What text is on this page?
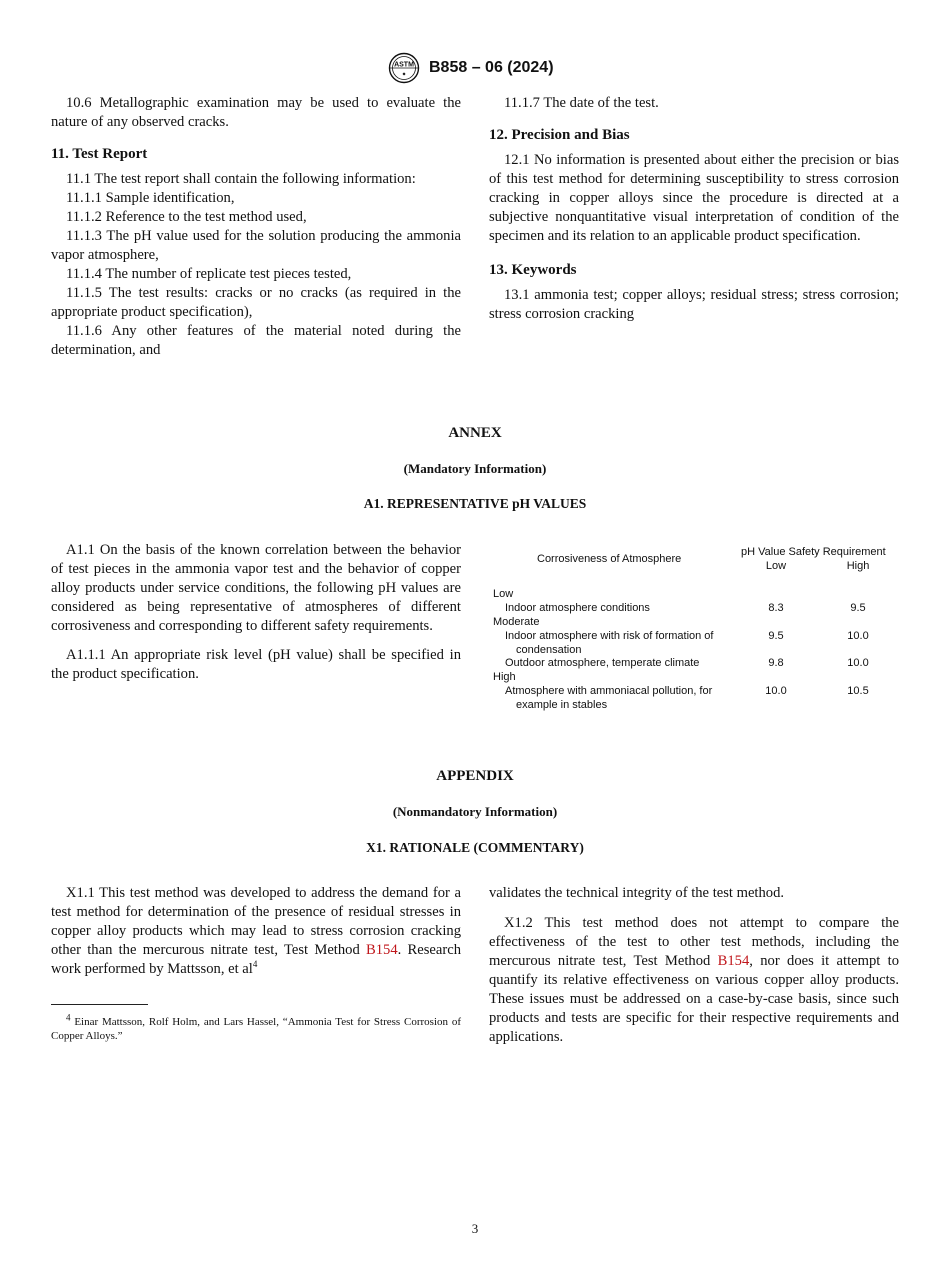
ASTM
◆ B858 – 06 (2024)

10.6 Metallographic examination may be used to evaluate the nature of any observed cracks.

11. Test Report

11.1 The test report shall contain the following information:

11.1.1 Sample identification,

11.1.2 Reference to the test method used,

11.1.3 The pH value used for the solution producing the ammonia vapor atmosphere,

11.1.4 The number of replicate test pieces tested,

11.1.5 The test results: cracks or no cracks (as required in the appropriate product specification),

11.1.6 Any other features of the material noted during the determination, and

11.1.7 The date of the test.

12. Precision and Bias

12.1 No information is presented about either the precision or bias of this test method for determining susceptibility to stress corrosion cracking in copper alloys since the procedure is directed at a subjective nonquantitative visual interpretation of condition of the specimen and its relation to an applicable product specification.

13. Keywords

13.1 ammonia test; copper alloys; residual stress; stress corrosion; stress corrosion cracking

ANNEX
(Mandatory Information)
A1. REPRESENTATIVE pH VALUES

A1.1 On the basis of the known correlation between the behavior of test pieces in the ammonia vapor test and the behavior of copper alloy products under service conditions, the following pH values are considered as being representative of atmospheres of different corrosiveness and corresponding to different safety requirements.

A1.1.1 An appropriate risk level (pH value) shall be specified in the product specification.

Corrosiveness of Atmosphere
pH Value Safety Requirement
Low	High
Low
Indoor atmosphere conditions	8.3	9.5
Moderate
Indoor atmosphere with risk of formation of
condensation
9.5	10.0
Outdoor atmosphere, temperate climate	9.8	10.0
High
Atmosphere with ammoniacal pollution, for
example in stables
10.0	10.5
APPENDIX
(Nonmandatory Information)
X1. RATIONALE (COMMENTARY)

X1.1 This test method was developed to address the demand for a test method for determination of the presence of residual stresses in copper alloy products which may lead to stress corrosion cracking other than the mercurous nitrate test, Test Method B154. Research work performed by Mattsson, et $al^4$

$^4$ Einar Mattsson, Rolf Holm, and Lars Hassel, “Ammonia Test for Stress Corrosion of Copper Alloys.”

validates the technical integrity of the test method.

X1.2 This test method does not attempt to compare the effectiveness of the test to other test methods, including the mercurous nitrate test, Test Method B154, nor does it attempt to quantify its relative effectiveness on various copper alloy products. These issues must be addressed on a case-by-case basis, since such products and tests are specific for their respective requirements and applications.

3
